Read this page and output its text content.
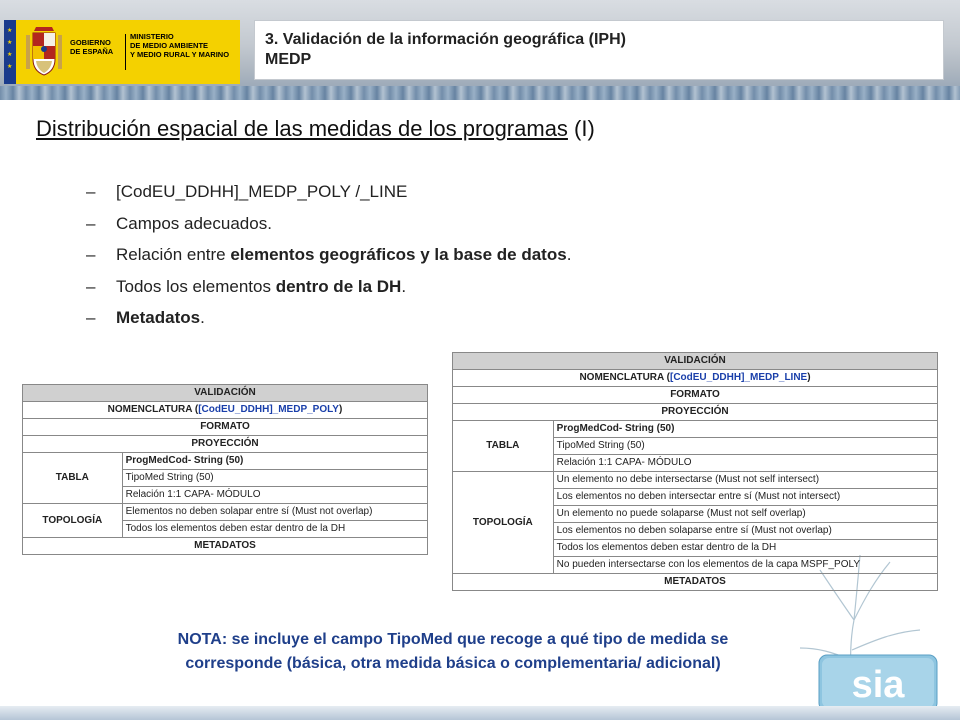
★
★
★
★
GOBIERNO
DE ESPAÑA
MINISTERIO
DE MEDIO AMBIENTE
Y MEDIO RURAL Y MARINO
3. Validación de la información geográfica (IPH)
MEDP
Distribución espacial de las medidas de los programas (I)
– [CodEU_DDHH]_MEDP_POLY /_LINE
– Campos adecuados.
– Relación entre elementos geográficos y la base de datos.
– Todos los elementos dentro de la DH.
– Metadatos.
VALIDACIÓN	
NOMENCLATURA ([CodEU_DDHH]_MEDP_POLY)	
FORMATO	
PROYECCIÓN	
TABLA	ProgMedCod- String (50)
	TipoMed String (50)
	Relación 1:1 CAPA- MÓDULO
TOPOLOGÍA	Elementos no deben solapar entre sí (Must not overlap)
	Todos los elementos deben estar dentro de la DH
METADATOS	
VALIDACIÓN	
NOMENCLATURA ([CodEU_DDHH]_MEDP_LINE)	
FORMATO	
PROYECCIÓN	
TABLA	ProgMedCod- String (50)
	TipoMed String (50)
	Relación 1:1 CAPA- MÓDULO
TOPOLOGÍA	Un elemento no debe intersectarse (Must not self intersect)
	Los elementos no deben intersectar entre sí (Must not intersect)
	Un elemento no puede solaparse (Must not self overlap)
	Los elementos no deben solaparse entre sí (Must not overlap)
	Todos los elementos deben estar dentro de la DH
	No pueden intersectarse con los elementos de la capa MSPF_POLY
METADATOS	
NOTA: se incluye el campo TipoMed que recoge a qué tipo de medida se
corresponde (básica, otra medida básica o complementaria/ adicional)
sia
